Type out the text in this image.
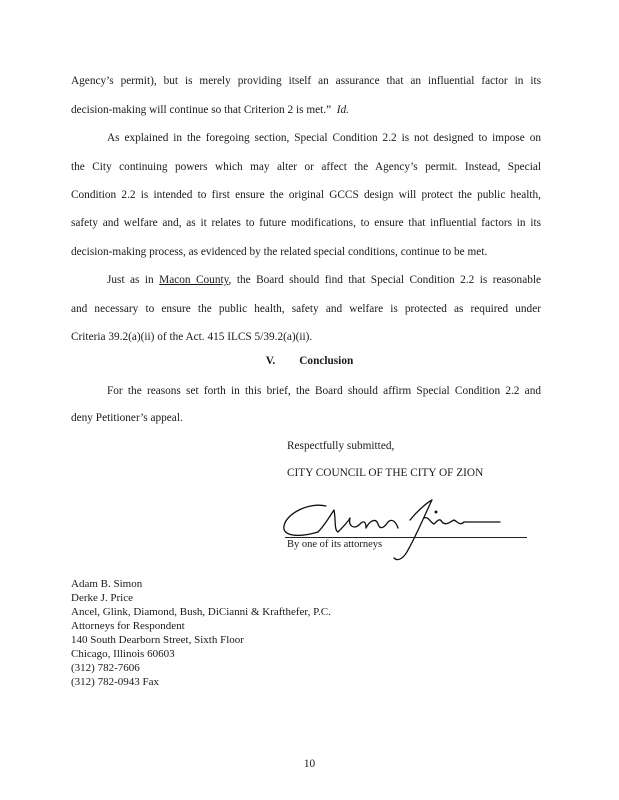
Agency’s permit), but is merely providing itself an assurance that an influential factor in its
decision-making will continue so that Criterion 2 is met.” Id.
As explained in the foregoing section, Special Condition 2.2 is not designed to impose on
the City continuing powers which may alter or affect the Agency’s permit. Instead, Special
Condition 2.2 is intended to first ensure the original GCCS design will protect the public health,
safety and welfare and, as it relates to future modifications, to ensure that influential factors in its
decision-making process, as evidenced by the related special conditions, continue to be met.
Just as in Macon County, the Board should find that Special Condition 2.2 is reasonable
and necessary to ensure the public health, safety and welfare is protected as required under
Criteria 39.2(a)(ii) of the Act. 415 ILCS 5/39.2(a)(ii).
V. Conclusion
For the reasons set forth in this brief, the Board should affirm Special Condition 2.2 and
deny Petitioner’s appeal.
Respectfully submitted,
CITY COUNCIL OF THE CITY OF ZION
By one of its attorneys
Adam B. Simon
Derke J. Price
Ancel, Glink, Diamond, Bush, DiCianni & Krafthefer, P.C.
Attorneys for Respondent
140 South Dearborn Street, Sixth Floor
Chicago, Illinois 60603
(312) 782-7606
(312) 782-0943 Fax
10
